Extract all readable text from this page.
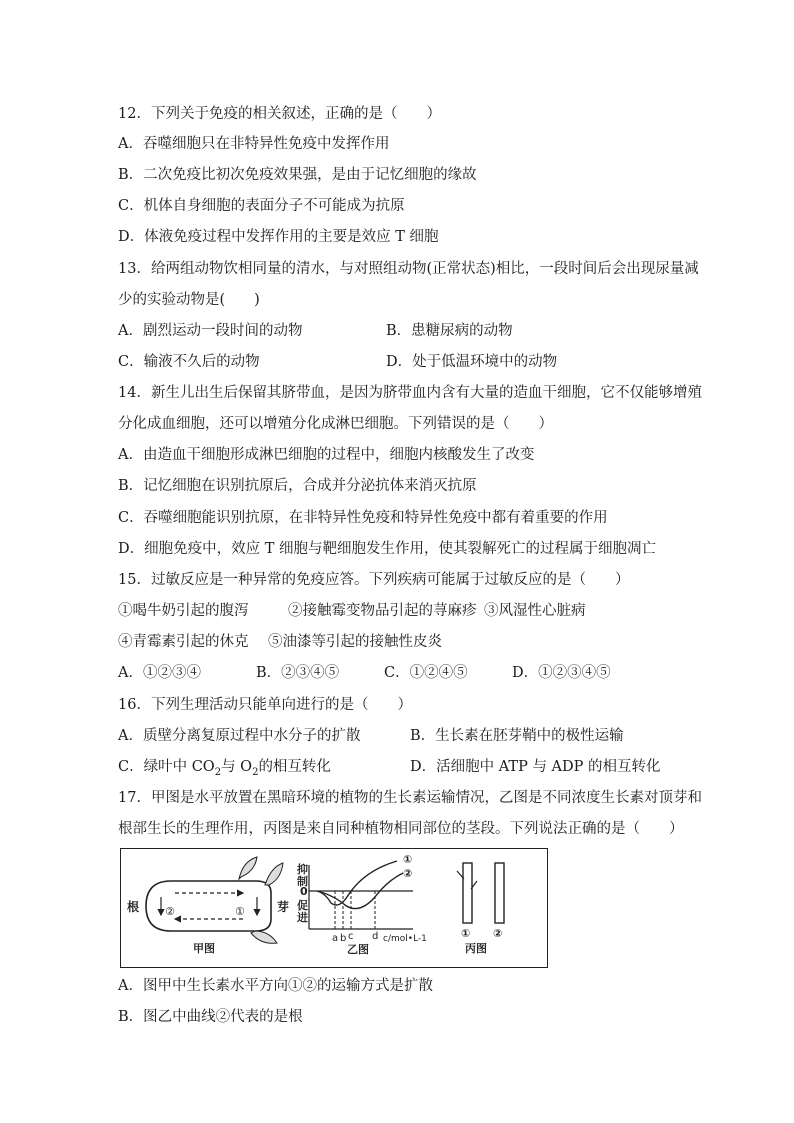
12．下列关于免疫的相关叙述，正确的是（　　）
A．吞噬细胞只在非特异性免疫中发挥作用
B．二次免疫比初次免疫效果强，是由于记忆细胞的缘故
C．机体自身细胞的表面分子不可能成为抗原
D．体液免疫过程中发挥作用的主要是效应 T 细胞
13．给两组动物饮相同量的清水，与对照组动物(正常状态)相比，一段时间后会出现尿量减
少的实验动物是(　　)
A．剧烈运动一段时间的动物	B．患糖尿病的动物
C．输液不久后的动物	D．处于低温环境中的动物
14．新生儿出生后保留其脐带血，是因为脐带血内含有大量的造血干细胞，它不仅能够增殖
分化成血细胞，还可以增殖分化成淋巴细胞。下列错误的是（　　）
A．由造血干细胞形成淋巴细胞的过程中，细胞内核酸发生了改变
B．记忆细胞在识别抗原后，合成并分泌抗体来消灭抗原
C．吞噬细胞能识别抗原，在非特异性免疫和特异性免疫中都有着重要的作用
D．细胞免疫中，效应 T 细胞与靶细胞发生作用，使其裂解死亡的过程属于细胞凋亡
15．过敏反应是一种异常的免疫应答。下列疾病可能属于过敏反应的是（　　）
①喝牛奶引起的腹泻	②接触霉变物品引起的荨麻疹 ③风湿性心脏病
④青霉素引起的休克 ⑤油漆等引起的接触性皮炎
A．①②③④	B．②③④⑤	C．①②④⑤	D．①②③④⑤
16．下列生理活动只能单向进行的是（　　）
A．质壁分离复原过程中水分子的扩散	B．生长素在胚芽鞘中的极性运输
C．绿叶中 $CO_2$与 $O_2$的相互转化	D．活细胞中 ATP 与 ADP 的相互转化
17．甲图是水平放置在黑暗环境的植物的生长素运输情况，乙图是不同浓度生长素对顶芽和
根部生长的生理作用，丙图是来自同种植物相同部位的茎段。下列说法正确的是（　　）
②	①
根	芽
甲图
抑
制
0
促
进
①
②
a b c d c/mol•L-1
乙图
① ②
丙图
A．图甲中生长素水平方向①②的运输方式是扩散
B．图乙中曲线②代表的是根
